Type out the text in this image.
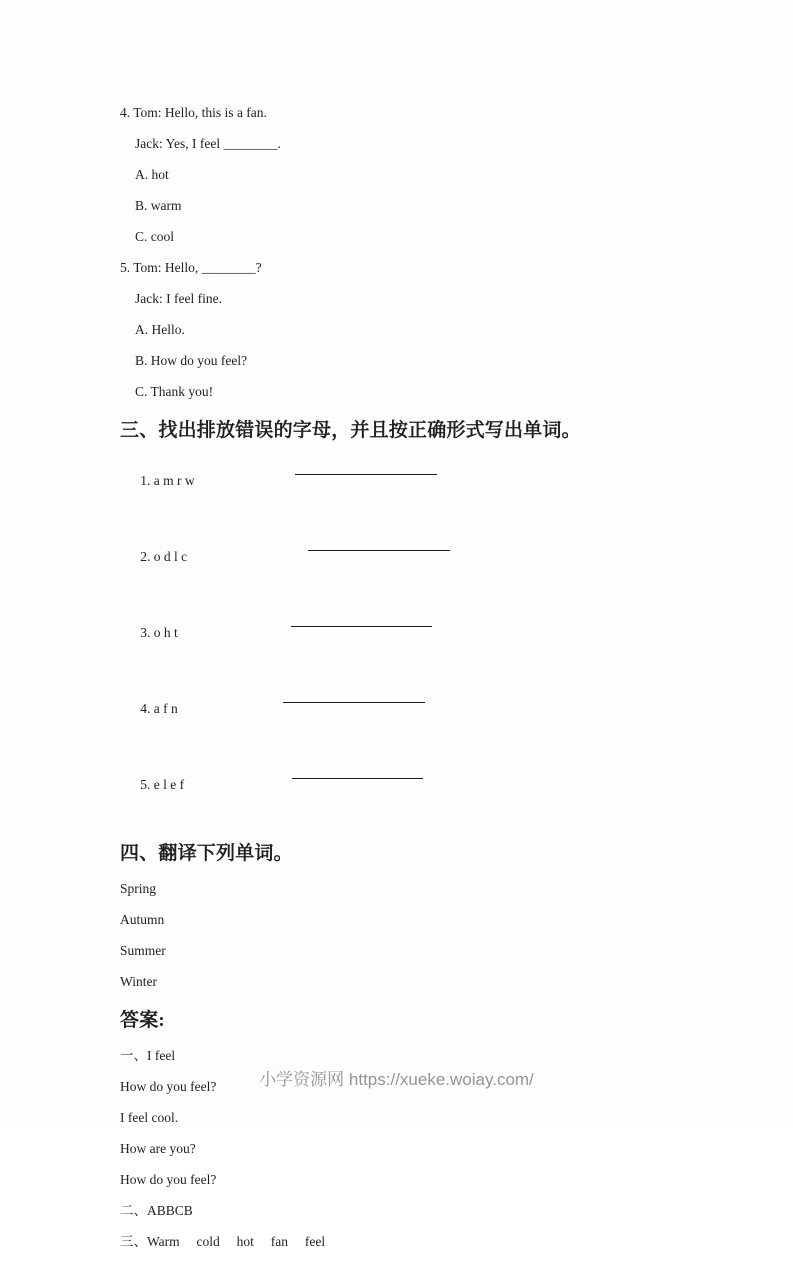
4. Tom: Hello, this is a fan.

Jack: Yes, I feel ________.

A. hot

B. warm

C. cool

5. Tom: Hello, ________?

Jack: I feel fine.

A. Hello.

B. How do you feel?

C. Thank you!

三、找出排放错误的字母，并且按正确形式写出单词。

1. a m r w

2. o d l c

3. o h t

4. a f n

5. e l e f

四、翻译下列单词。

Spring

Autumn

Summer

Winter

答案:

一、I feel

How do you feel?

I feel cool.

How are you?

How do you feel?

二、ABBCB

三、Warm     cold     hot     fan     feel

小学资源网 https://xueke.woiay.com/
